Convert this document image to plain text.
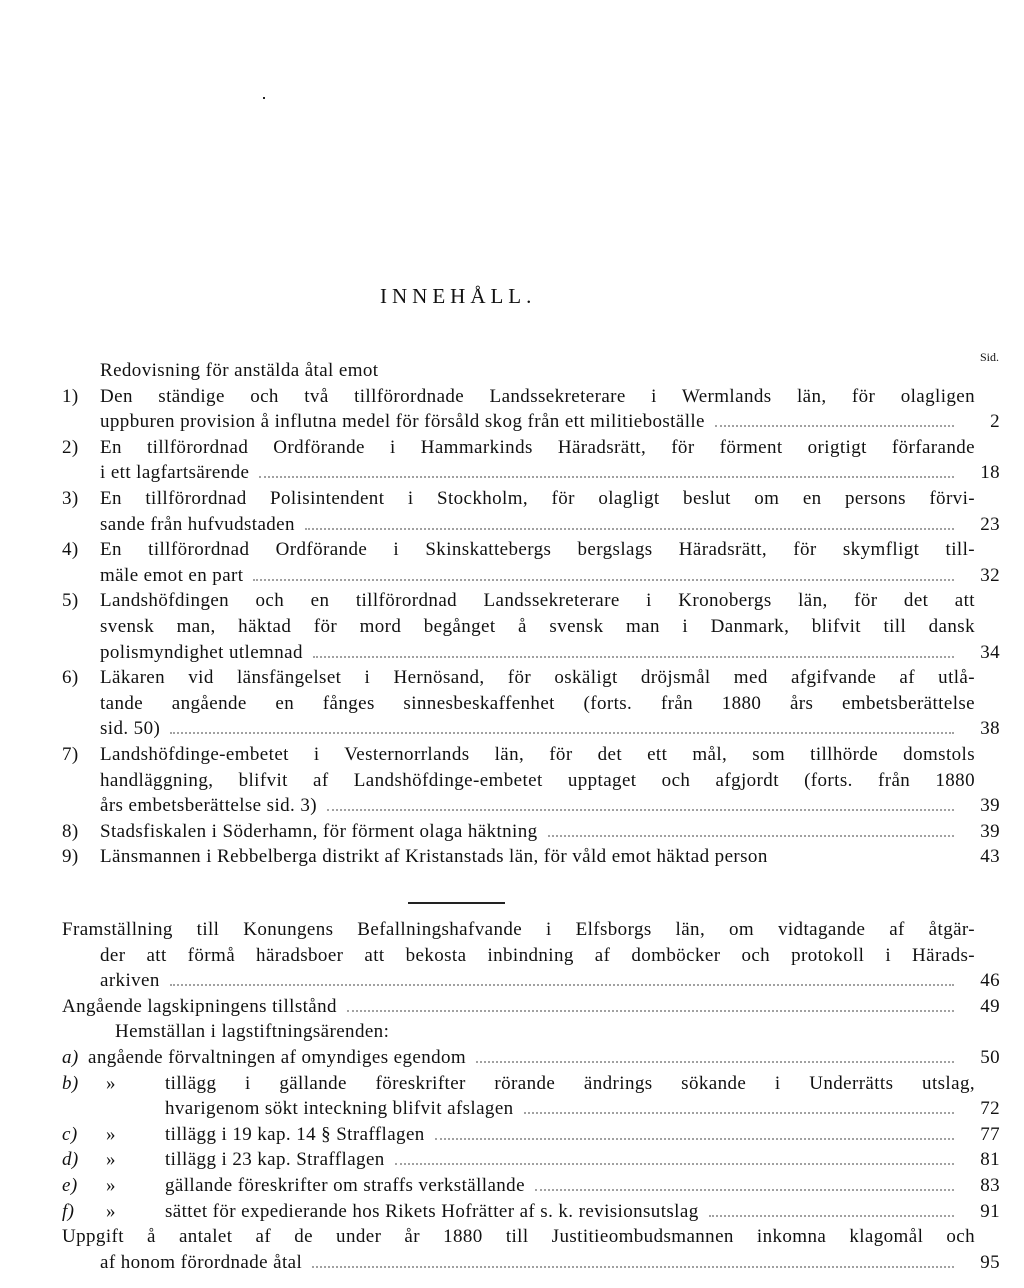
INNEHÅLL.
Sid.
Redovisning för anstälda åtal emot
1) Den ständige och två tillförordnade Landssekreterare i Wermlands län, för olagligen
uppburen provision å influtna medel för försåld skog från ett militieboställe	2
2) En tillförordnad Ordförande i Hammarkinds Häradsrätt, för förment origtigt förfarande
i ett lagfartsärende	18
3) En tillförordnad Polisintendent i Stockholm, för olagligt beslut om en persons förvi-
sande från hufvudstaden	23
4) En tillförordnad Ordförande i Skinskattebergs bergslags Häradsrätt, för skymfligt till-
mäle emot en part	32
5) Landshöfdingen och en tillförordnad Landssekreterare i Kronobergs län, för det att
svensk man, häktad för mord begånget å svensk man i Danmark, blifvit till dansk
polismyndighet utlemnad	34
6) Läkaren vid länsfängelset i Hernösand, för oskäligt dröjsmål med afgifvande af utlå-
tande angående en fånges sinnesbeskaffenhet (forts. från 1880 års embetsberättelse
sid. 50)	38
7) Landshöfdinge-embetet i Vesternorrlands län, för det ett mål, som tillhörde domstols
handläggning, blifvit af Landshöfdinge-embetet upptaget och afgjordt (forts. från 1880
års embetsberättelse sid. 3)	39
8) Stadsfiskalen i Söderhamn, för förment olaga häktning	39
9) Länsmannen i Rebbelberga distrikt af Kristanstads län, för våld emot häktad person	43
Framställning till Konungens Befallningshafvande i Elfsborgs län, om vidtagande af åtgär-
der att förmå häradsboer att bekosta inbindning af domböcker och protokoll i Härads-
arkiven	46
Angående lagskipningens tillstånd	49
Hemställan i lagstiftningsärenden:
a) angående förvaltningen af omyndiges egendom	50
b) »	tillägg i gällande föreskrifter rörande ändrings sökande i Underrätts utslag,
hvarigenom sökt inteckning blifvit afslagen	72
c) »	tillägg i 19 kap. 14 § Strafflagen	77
d) »	tillägg i 23 kap. Strafflagen	81
e) »	gällande föreskrifter om straffs verkställande	83
f) »	sättet för expedierande hos Rikets Hofrätter af s. k. revisionsutslag	91
Uppgift å antalet af de under år 1880 till Justitieombudsmannen inkomna klagomål och
af honom förordnade åtal	95
